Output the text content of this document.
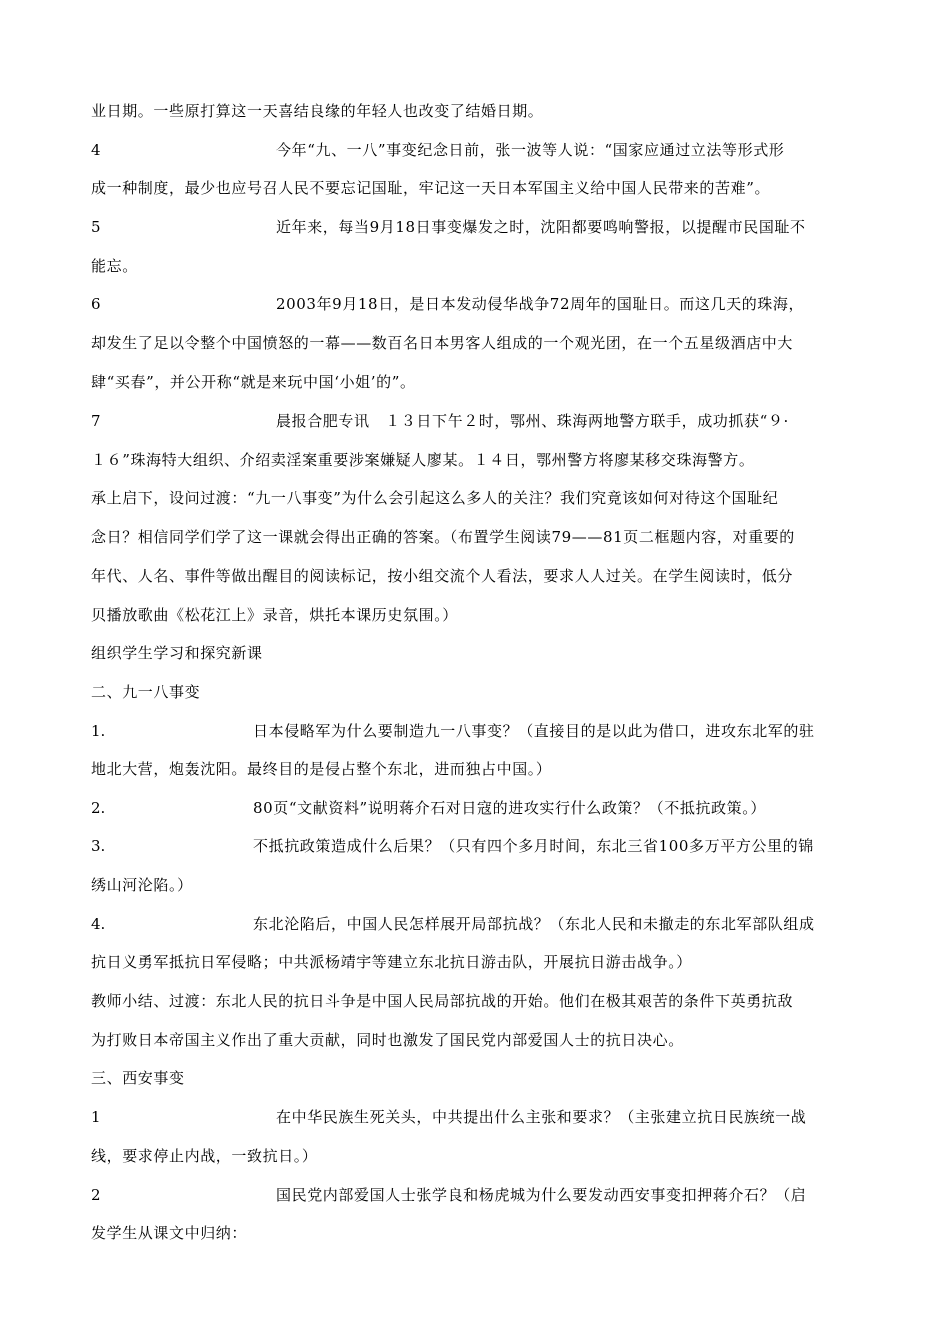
业日期。一些原打算这一天喜结良缘的年轻人也改变了结婚日期。
4	今年“九、一八”事变纪念日前，张一波等人说：“国家应通过立法等形式形
成一种制度，最少也应号召人民不要忘记国耻，牢记这一天日本军国主义给中国人民带来的苦难”。
5	近年来，每当9月18日事变爆发之时，沈阳都要鸣响警报，以提醒市民国耻不
能忘。
6	2003年9月18日，是日本发动侵华战争72周年的国耻日。而这几天的珠海，
却发生了足以令整个中国愤怒的一幕——数百名日本男客人组成的一个观光团，在一个五星级酒店中大
肆“买春”，并公开称“就是来玩中国‘小姐’的”。
7	晨报合肥专讯　１３日下午２时，鄂州、珠海两地警方联手，成功抓获“９·
１６”珠海特大组织、介绍卖淫案重要涉案嫌疑人廖某。１４日，鄂州警方将廖某移交珠海警方。
承上启下，设问过渡：“九一八事变”为什么会引起这么多人的关注？我们究竟该如何对待这个国耻纪
念日？相信同学们学了这一课就会得出正确的答案。（布置学生阅读79——81页二框题内容，对重要的
年代、人名、事件等做出醒目的阅读标记，按小组交流个人看法，要求人人过关。在学生阅读时，低分
贝播放歌曲《松花江上》录音，烘托本课历史氛围。）
组织学生学习和探究新课
二、九一八事变
1.	日本侵略军为什么要制造九一八事变？（直接目的是以此为借口，进攻东北军的驻
地北大营，炮轰沈阳。最终目的是侵占整个东北，进而独占中国。）
2.	80页“文献资料”说明蒋介石对日寇的进攻实行什么政策？（不抵抗政策。）
3.	不抵抗政策造成什么后果？（只有四个多月时间，东北三省100多万平方公里的锦
绣山河沦陷。）
4.	东北沦陷后，中国人民怎样展开局部抗战？（东北人民和未撤走的东北军部队组成
抗日义勇军抵抗日军侵略；中共派杨靖宇等建立东北抗日游击队，开展抗日游击战争。）
教师小结、过渡：东北人民的抗日斗争是中国人民局部抗战的开始。他们在极其艰苦的条件下英勇抗敌
为打败日本帝国主义作出了重大贡献，同时也激发了国民党内部爱国人士的抗日决心。
三、西安事变
1	在中华民族生死关头，中共提出什么主张和要求？（主张建立抗日民族统一战
线，要求停止内战，一致抗日。）
2	国民党内部爱国人士张学良和杨虎城为什么要发动西安事变扣押蒋介石？（启
发学生从课文中归纳：
